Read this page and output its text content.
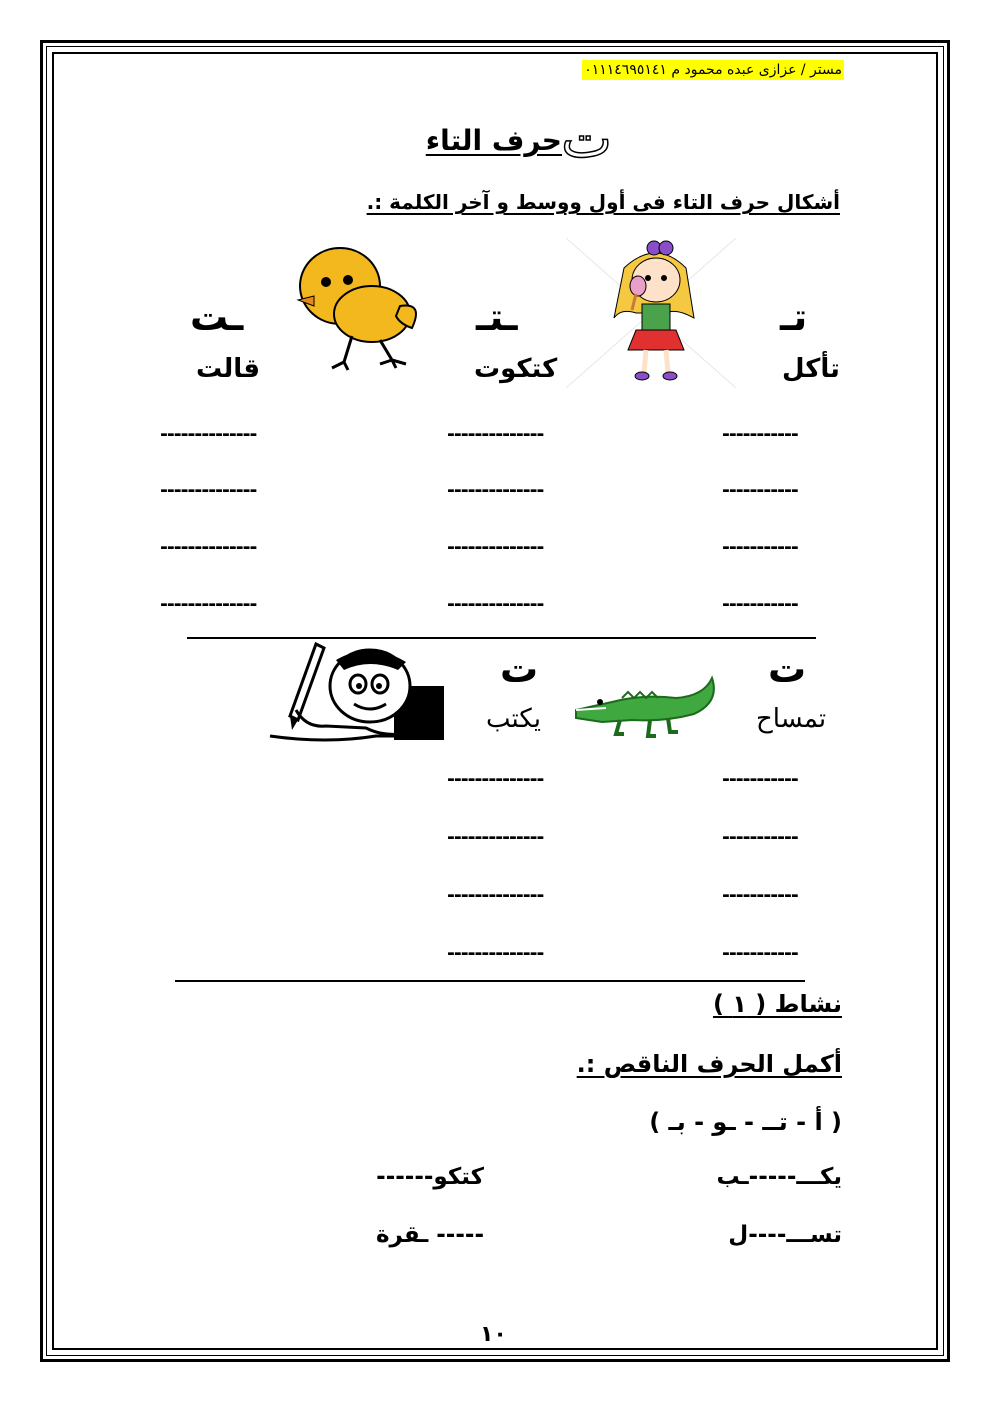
مستر / عزازى عبده محمود م ٠١١١٤٦٩٥١٤١
حرف التاء ت
أشكال حرف التاء فى أول ووسط و آخر الكلمة :.
تـ
ـتـ
ـت
تأكل
كتكوت
قالت
-----------
--------------
--------------
-----------
--------------
--------------
-----------
--------------
--------------
-----------
--------------
--------------
ت
ت
تمساح
يكتب
-----------
--------------
-----------
--------------
-----------
--------------
-----------
--------------
نشاط ( ١ )
أكمل الحرف الناقص :.
( أ - تــ - ـو - بـ )
يكـــ-----ـب
كتكو------
تســـ----ل
----- ـقرة
١٠
